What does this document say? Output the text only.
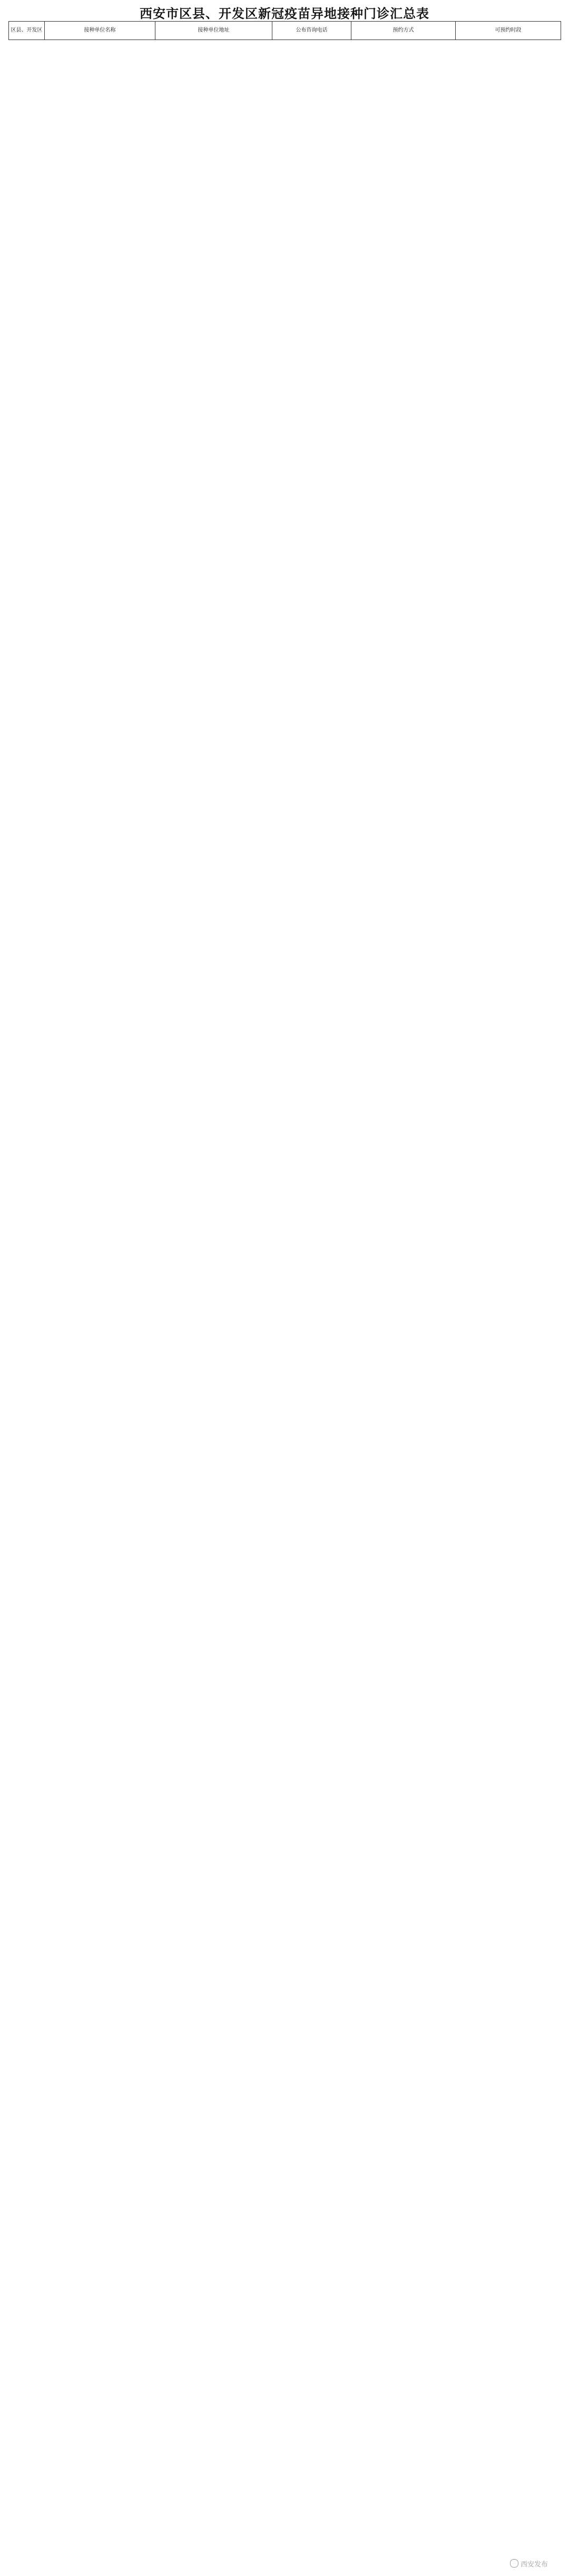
西安市区县、开发区新冠疫苗异地接种门诊汇总表
区县、开发区	接种单位名称	接种单位地址	公布咨询电话	预约方式	可预约时段
西安发布
